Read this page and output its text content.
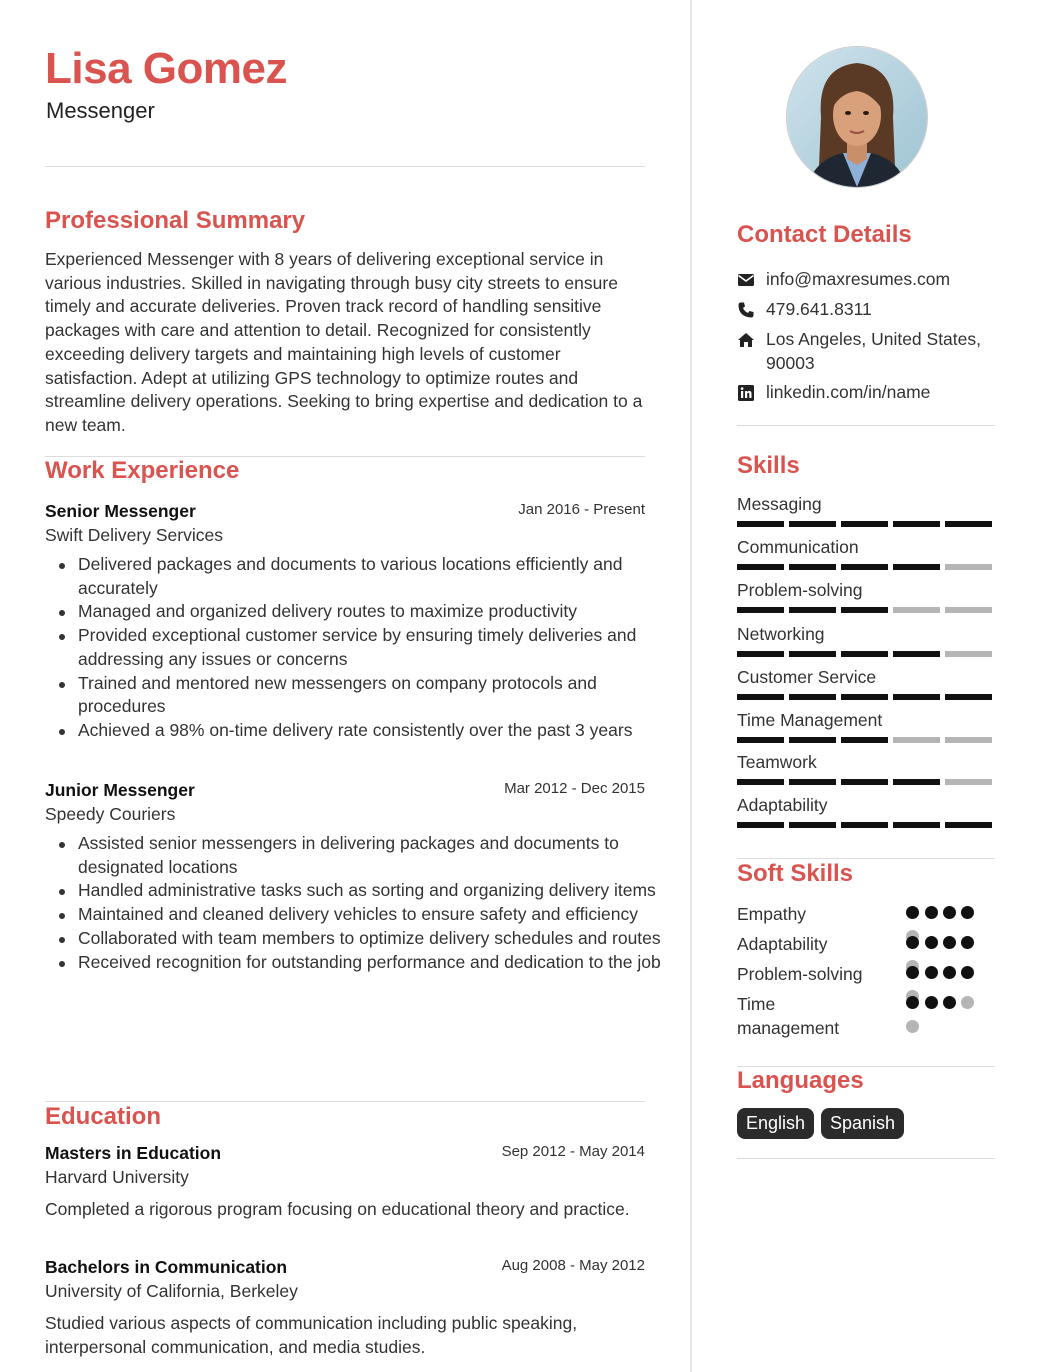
Lisa Gomez

Messenger

Professional Summary

Experienced Messenger with 8 years of delivering exceptional service in various industries. Skilled in navigating through busy city streets to ensure timely and accurate deliveries. Proven track record of handling sensitive packages with care and attention to detail. Recognized for consistently exceeding delivery targets and maintaining high levels of customer satisfaction. Adept at utilizing GPS technology to optimize routes and streamline delivery operations. Seeking to bring expertise and dedication to a new team.

Work Experience
Senior Messenger	Jan 2016 - Present
Swift Delivery Services
Delivered packages and documents to various locations efficiently and accurately
Managed and organized delivery routes to maximize productivity
Provided exceptional customer service by ensuring timely deliveries and addressing any issues or concerns
Trained and mentored new messengers on company protocols and procedures
Achieved a 98% on-time delivery rate consistently over the past 3 years
Junior Messenger	Mar 2012 - Dec 2015
Speedy Couriers
Assisted senior messengers in delivering packages and documents to designated locations
Handled administrative tasks such as sorting and organizing delivery items
Maintained and cleaned delivery vehicles to ensure safety and efficiency
Collaborated with team members to optimize delivery schedules and routes
Received recognition for outstanding performance and dedication to the job
Education
Masters in Education	Sep 2012 - May 2014
Harvard University

Completed a rigorous program focusing on educational theory and practice.

Bachelors in Communication	Aug 2008 - May 2012
University of California, Berkeley

Studied various aspects of communication including public speaking, interpersonal communication, and media studies.

Contact Details
info@maxresumes.com
479.641.8311
Los Angeles, United States, 90003
linkedin.com/in/name
Skills
Messaging
Communication
Problem-solving
Networking
Customer Service
Time Management
Teamwork
Adaptability
Soft Skills
Empathy
Adaptability
Problem-solving
Time management
Languages
English	Spanish
